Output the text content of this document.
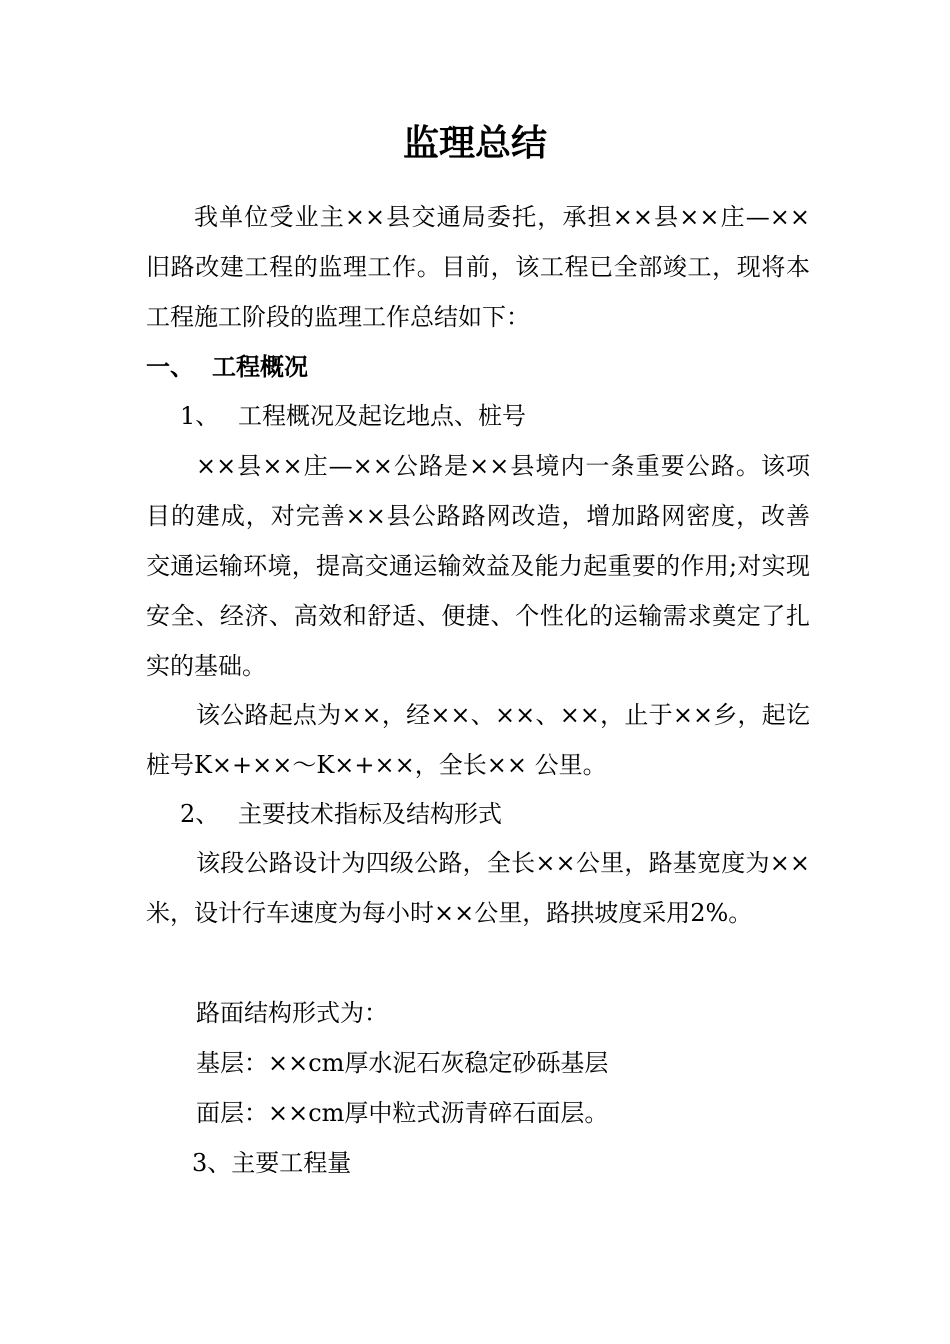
监理总结
我单位受业主××县交通局委托，承担××县××庄—××旧路改建工程的监理工作。目前，该工程已全部竣工，现将本工程施工阶段的监理工作总结如下：
一、 工程概况
1、 工程概况及起讫地点、桩号
××县××庄—××公路是××县境内一条重要公路。该项目的建成，对完善××县公路路网改造，增加路网密度，改善交通运输环境，提高交通运输效益及能力起重要的作用;对实现安全、经济、高效和舒适、便捷、个性化的运输需求奠定了扎实的基础。
该公路起点为××，经××、××、××，止于××乡，起讫桩号K×+××～K×+××，全长×× 公里。
2、 主要技术指标及结构形式
该段公路设计为四级公路，全长××公里，路基宽度为××米，设计行车速度为每小时××公里，路拱坡度采用2%。
路面结构形式为：
基层：××cm厚水泥石灰稳定砂砾基层
面层：××cm厚中粒式沥青碎石面层。
3、主要工程量
